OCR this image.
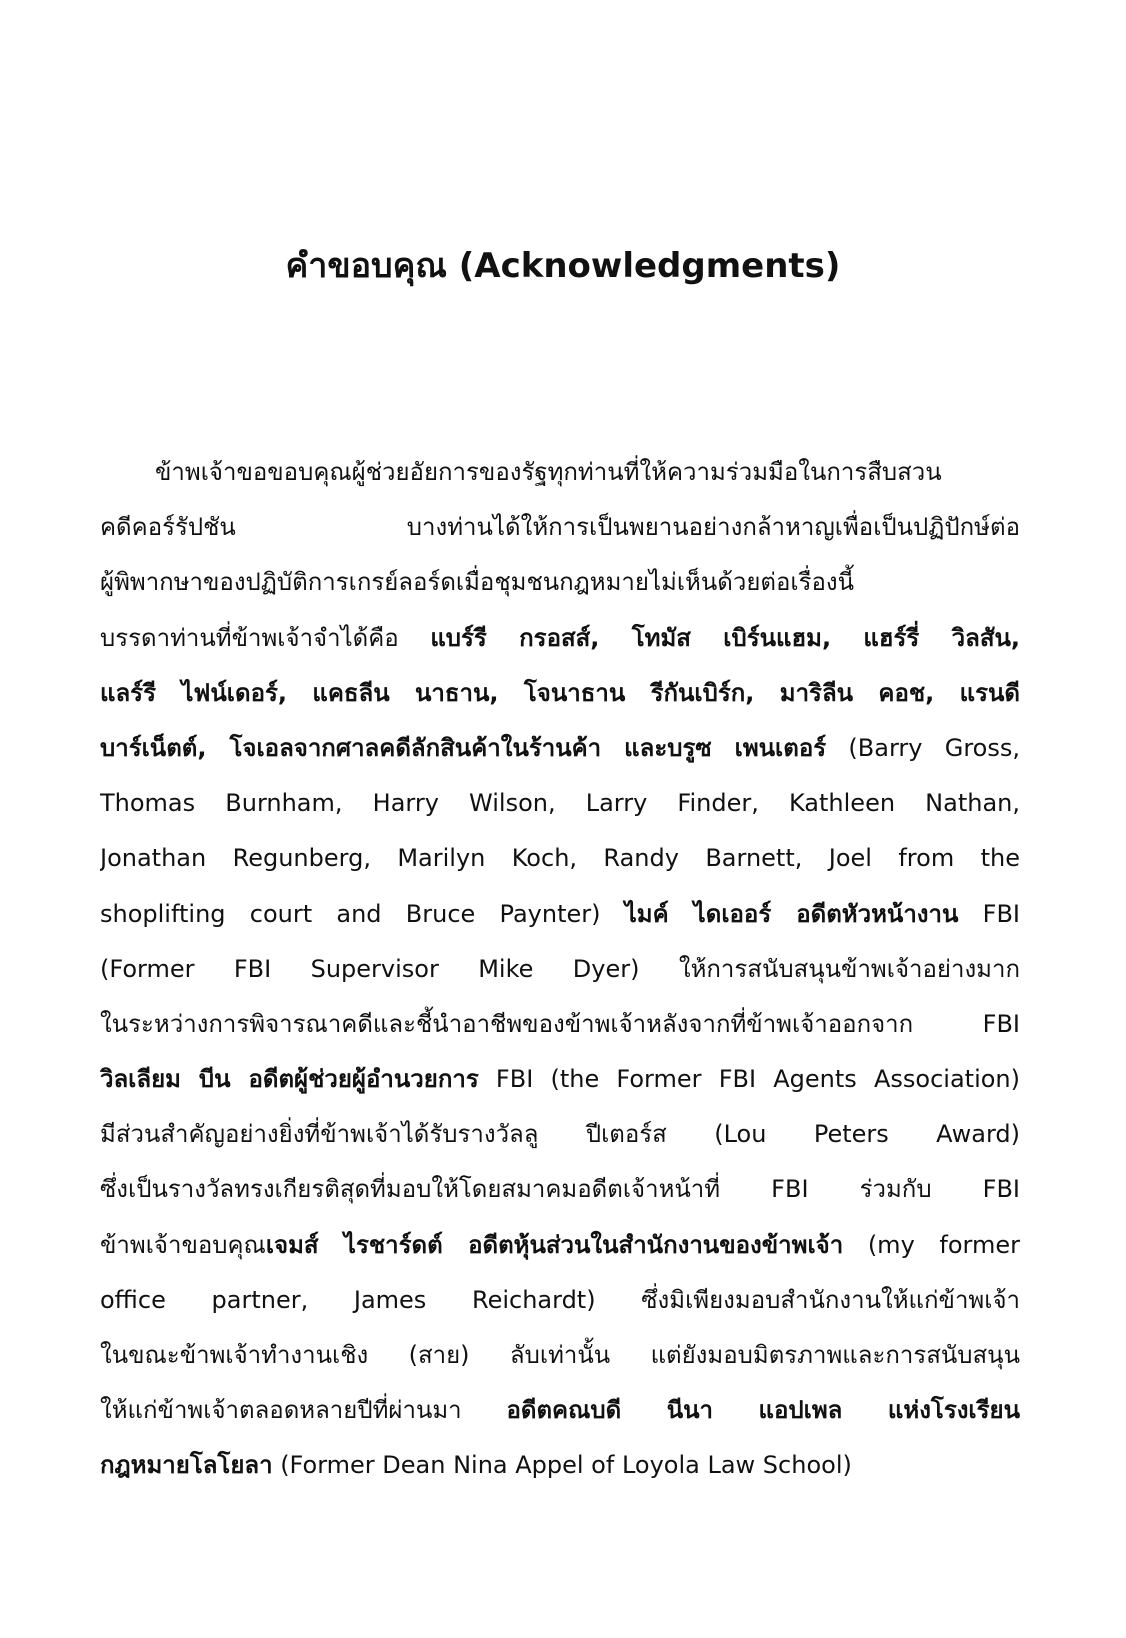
คำขอบคุณ (Acknowledgments)
ข้าพเจ้าขอขอบคุณผู้ช่วยอัยการของรัฐทุกท่านที่ให้ความร่วมมือในการสืบสวน
คดีคอร์รัปชัน บางท่านได้ให้การเป็นพยานอย่างกล้าหาญเพื่อเป็นปฏิปักษ์ต่อ
ผู้พิพากษาของปฏิบัติการเกรย์ลอร์ดเมื่อชุมชนกฎหมายไม่เห็นด้วยต่อเรื่องนี้
บรรดาท่านที่ข้าพเจ้าจำได้คือ แบร์รี กรอสส์, โทมัส เบิร์นแฮม, แฮร์รี่ วิลสัน,
แลร์รี ไฟน์เดอร์, แคธลีน นาธาน, โจนาธาน รีกันเบิร์ก, มาริลีน คอช, แรนดี
บาร์เน็ตต์, โจเอลจากศาลคดีลักสินค้าในร้านค้า และบรูซ เพนเตอร์ (Barry Gross,
Thomas Burnham, Harry Wilson, Larry Finder, Kathleen Nathan,
Jonathan Regunberg, Marilyn Koch, Randy Barnett, Joel from the
shoplifting court and Bruce Paynter) ไมค์ ไดเออร์ อดีตหัวหน้างาน FBI
(Former FBI Supervisor Mike Dyer) ให้การสนับสนุนข้าพเจ้าอย่างมาก
ในระหว่างการพิจารณาคดีและชี้นำอาชีพของข้าพเจ้าหลังจากที่ข้าพเจ้าออกจาก FBI
วิลเลียม บีน อดีตผู้ช่วยผู้อำนวยการ FBI (the Former FBI Agents Association)
มีส่วนสำคัญอย่างยิ่งที่ข้าพเจ้าได้รับรางวัลลู ปีเตอร์ส (Lou Peters Award)
ซึ่งเป็นรางวัลทรงเกียรติสุดที่มอบให้โดยสมาคมอดีตเจ้าหน้าที่ FBI ร่วมกับ FBI
ข้าพเจ้าขอบคุณเจมส์ ไรชาร์ดต์ อดีตหุ้นส่วนในสำนักงานของข้าพเจ้า (my former
office partner, James Reichardt) ซึ่งมิเพียงมอบสำนักงานให้แก่ข้าพเจ้า
ในขณะข้าพเจ้าทำงานเชิง (สาย) ลับเท่านั้น แต่ยังมอบมิตรภาพและการสนับสนุน
ให้แก่ข้าพเจ้าตลอดหลายปีที่ผ่านมา อดีตคณบดี นีนา แอปเพล แห่งโรงเรียน
กฎหมายโลโยลา (Former Dean Nina Appel of Loyola Law School)
